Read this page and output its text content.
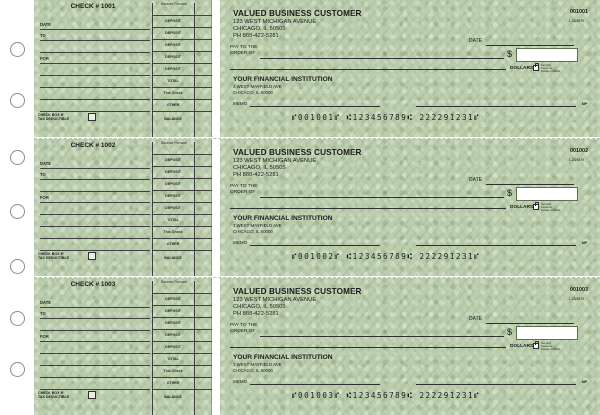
CHECK # 1001
DATE
TO
FOR
Balance Forward
DEPOSIT
DEPOSIT
DEPOSIT
DEPOSIT
DEPOSIT
TOTAL
This Check
OTHER
CHECK BOX IF
TAX DEDUCTIBLE	BALANCE
VALUED BUSINESS CUSTOMER
123 WEST MICHIGAN AVENUE
CHICAGO, IL 50505
PH 888-422-5281
001001
1-23/4879
DATE
PAY TO THE
ORDER OF	$
DOLLARS
Security Features Details on Back
YOUR FINANCIAL INSTITUTION
3 WEST MAYFIELD AVE
CHICAGO, IL 60000
MEMO	MP
⑈001001⑈ ⑆123456789⑆ 222291231⑈
CHECK # 1002
DATE
TO
FOR
Balance Forward
DEPOSIT
DEPOSIT
DEPOSIT
DEPOSIT
DEPOSIT
TOTAL
This Check
OTHER
CHECK BOX IF
TAX DEDUCTIBLE	BALANCE
VALUED BUSINESS CUSTOMER
123 WEST MICHIGAN AVENUE
CHICAGO, IL 50505
PH 888-422-5281
001002
1-23/4879
DATE
PAY TO THE
ORDER OF	$
DOLLARS
Security Features Details on Back
YOUR FINANCIAL INSTITUTION
3 WEST MAYFIELD AVE
CHICAGO, IL 60000
MEMO	MP
⑈001002⑈ ⑆123456789⑆ 222291231⑈
CHECK # 1003
DATE
TO
FOR
Balance Forward
DEPOSIT
DEPOSIT
DEPOSIT
DEPOSIT
DEPOSIT
TOTAL
This Check
OTHER
CHECK BOX IF
TAX DEDUCTIBLE	BALANCE
VALUED BUSINESS CUSTOMER
123 WEST MICHIGAN AVENUE
CHICAGO, IL 50505
PH 888-422-5281
001003
1-23/4879
DATE
PAY TO THE
ORDER OF	$
DOLLARS
Security Features Details on Back
YOUR FINANCIAL INSTITUTION
3 WEST MAYFIELD AVE
CHICAGO, IL 60000
MEMO	MP
⑈001003⑈ ⑆123456789⑆ 222291231⑈
